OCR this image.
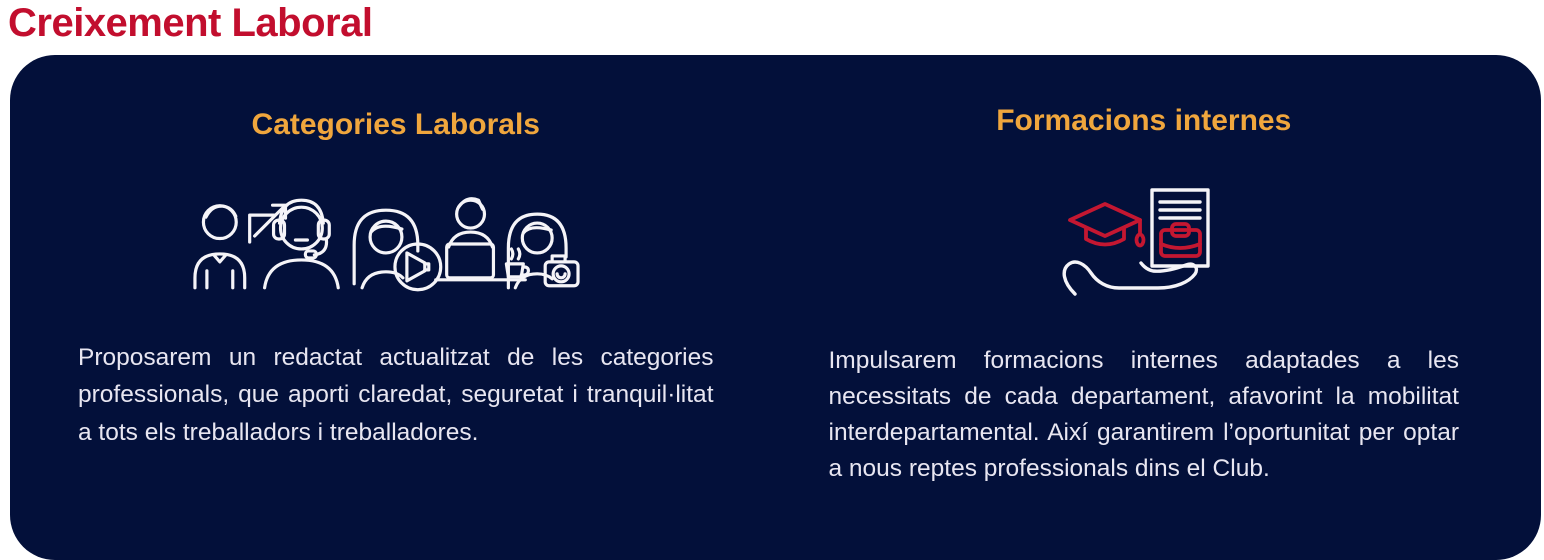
Creixement Laboral
Categories Laborals

Proposarem un redactat actualitzat de les categories professionals, que aporti claredat, seguretat i tranquil·litat a tots els treballadors i treballadores.

Formacions internes

Impulsarem formacions internes adaptades a les necessitats de cada departament, afavorint la mobilitat interdepartamental. Així garantirem l’oportunitat per optar a nous reptes professionals dins el Club.
